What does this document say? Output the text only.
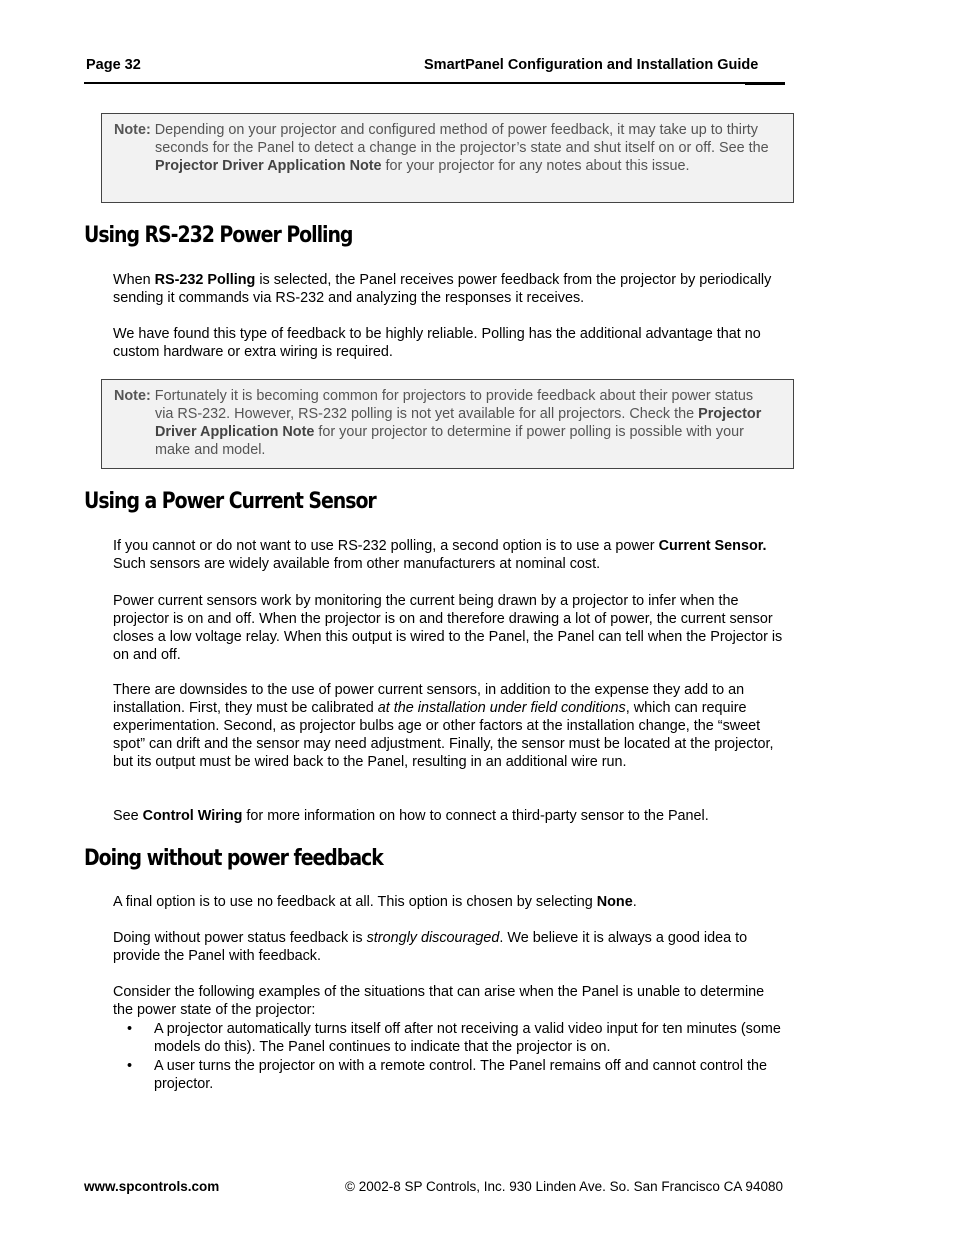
Page 32	SmartPanel Configuration and Installation Guide
Note: Depending on your projector and configured method of power feedback, it may take up to thirty seconds for the Panel to detect a change in the projector’s state and shut itself on or off. See the Projector Driver Application Note for your projector for any notes about this issue.
Using RS-232 Power Polling
When RS-232 Polling is selected, the Panel receives power feedback from the projector by periodically sending it commands via RS-232 and analyzing the responses it receives.
We have found this type of feedback to be highly reliable. Polling has the additional advantage that no custom hardware or extra wiring is required.
Note: Fortunately it is becoming common for projectors to provide feedback about their power status via RS-232. However, RS-232 polling is not yet available for all projectors. Check the Projector Driver Application Note for your projector to determine if power polling is possible with your make and model.
Using a Power Current Sensor
If you cannot or do not want to use RS-232 polling, a second option is to use a power Current Sensor. Such sensors are widely available from other manufacturers at nominal cost.
Power current sensors work by monitoring the current being drawn by a projector to infer when the projector is on and off. When the projector is on and therefore drawing a lot of power, the current sensor closes a low voltage relay. When this output is wired to the Panel, the Panel can tell when the Projector is on and off.
There are downsides to the use of power current sensors, in addition to the expense they add to an installation. First, they must be calibrated at the installation under field conditions, which can require experimentation. Second, as projector bulbs age or other factors at the installation change, the “sweet spot” can drift and the sensor may need adjustment. Finally, the sensor must be located at the projector, but its output must be wired back to the Panel, resulting in an additional wire run.
See Control Wiring for more information on how to connect a third-party sensor to the Panel.
Doing without power feedback
A final option is to use no feedback at all. This option is chosen by selecting None.
Doing without power status feedback is strongly discouraged. We believe it is always a good idea to provide the Panel with feedback.
Consider the following examples of the situations that can arise when the Panel is unable to determine the power state of the projector:
• A projector automatically turns itself off after not receiving a valid video input for ten minutes (some models do this). The Panel continues to indicate that the projector is on.
• A user turns the projector on with a remote control. The Panel remains off and cannot control the projector.
www.spcontrols.com	© 2002-8 SP Controls, Inc. 930 Linden Ave. So. San Francisco CA 94080
